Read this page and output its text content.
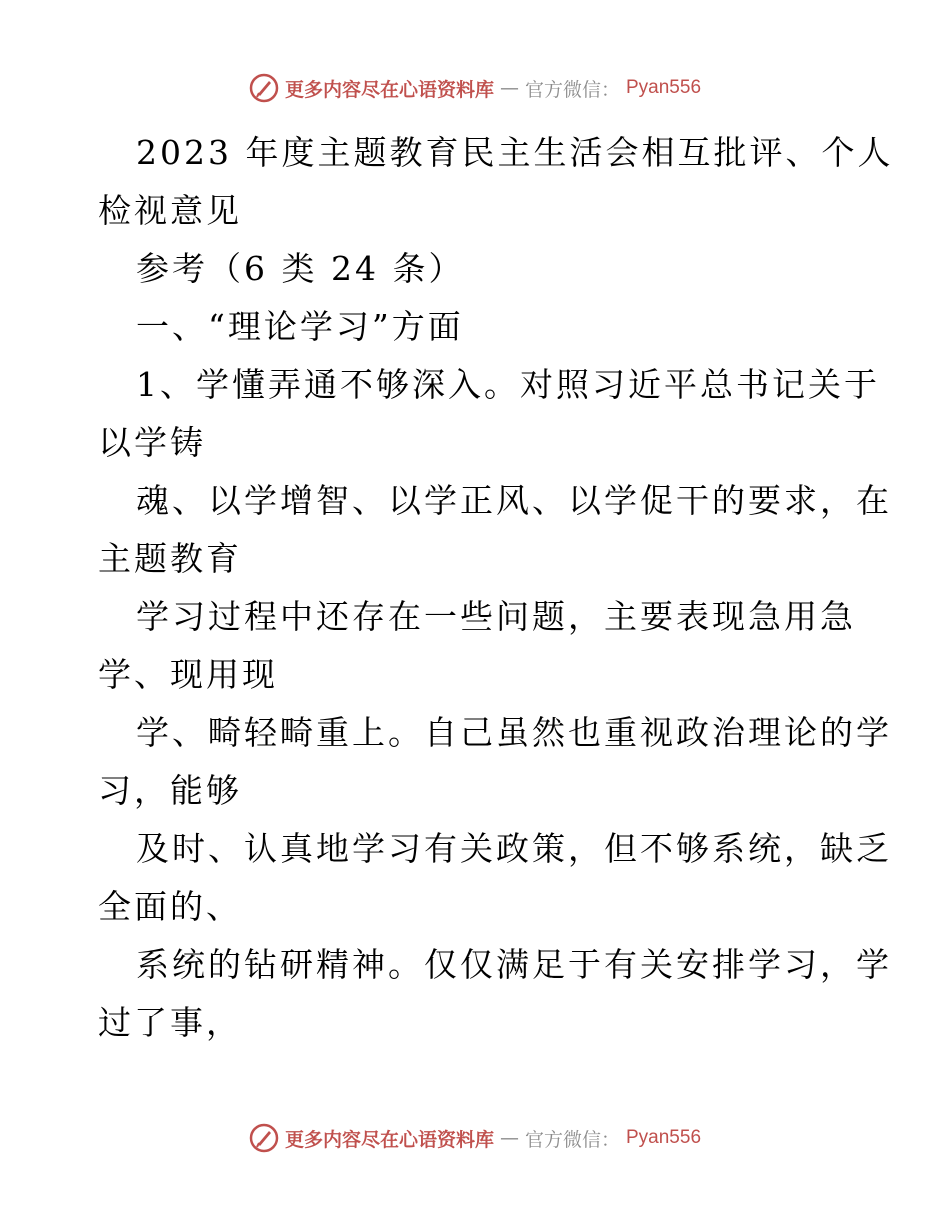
更多内容尽在心语资料库 — 官方微信： Pyan556
2023 年度主题教育民主生活会相互批评、个人
检视意见
参考（6 类 24 条）
一、“理论学习”方面
1、学懂弄通不够深入。对照习近平总书记关于
以学铸
魂、以学增智、以学正风、以学促干的要求，在
主题教育
学习过程中还存在一些问题，主要表现急用急
学、现用现
学、畸轻畸重上。自己虽然也重视政治理论的学
习，能够
及时、认真地学习有关政策，但不够系统，缺乏
全面的、
系统的钻研精神。仅仅满足于有关安排学习，学
过了事，
更多内容尽在心语资料库 — 官方微信： Pyan556
